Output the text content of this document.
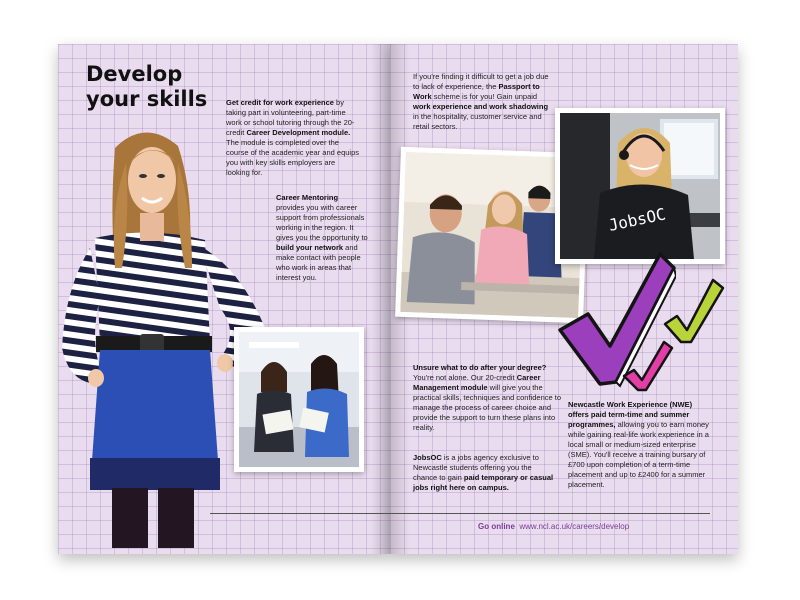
Develop
your skills	Get credit for work experience by taking part in volunteering, part-time work or school tutoring through the 20-credit Career Development module. The module is completed over the course of the academic year and equips you with key skills employers are looking for.

Career Mentoring
provides you with career support from professionals working in the region. It gives you the opportunity to build your network and make contact with people who work in areas that interest you.

If you're finding it difficult to get a job due to lack of experience, the Passport to Work scheme is for you! Gain unpaid work experience and work shadowing in the hospitality, customer service and retail sectors.

JobsOC

Unsure what to do after your degree? You're not alone. Our 20-credit Career Management module will give you the practical skills, techniques and confidence to manage the process of career choice and provide the support to turn these plans into reality.

JobsOC is a jobs agency exclusive to Newcastle students offering you the chance to gain paid temporary or casual jobs right here on campus.

Newcastle Work Experience (NWE) offers paid term-time and summer programmes, allowing you to earn money while gaining real-life work experience in a local small or medium-sized enterprise (SME). You'll receive a training bursary of £700 upon completion of a term-time placement and up to £2400 for a summer placement.

Go online www.ncl.ac.uk/careers/develop
